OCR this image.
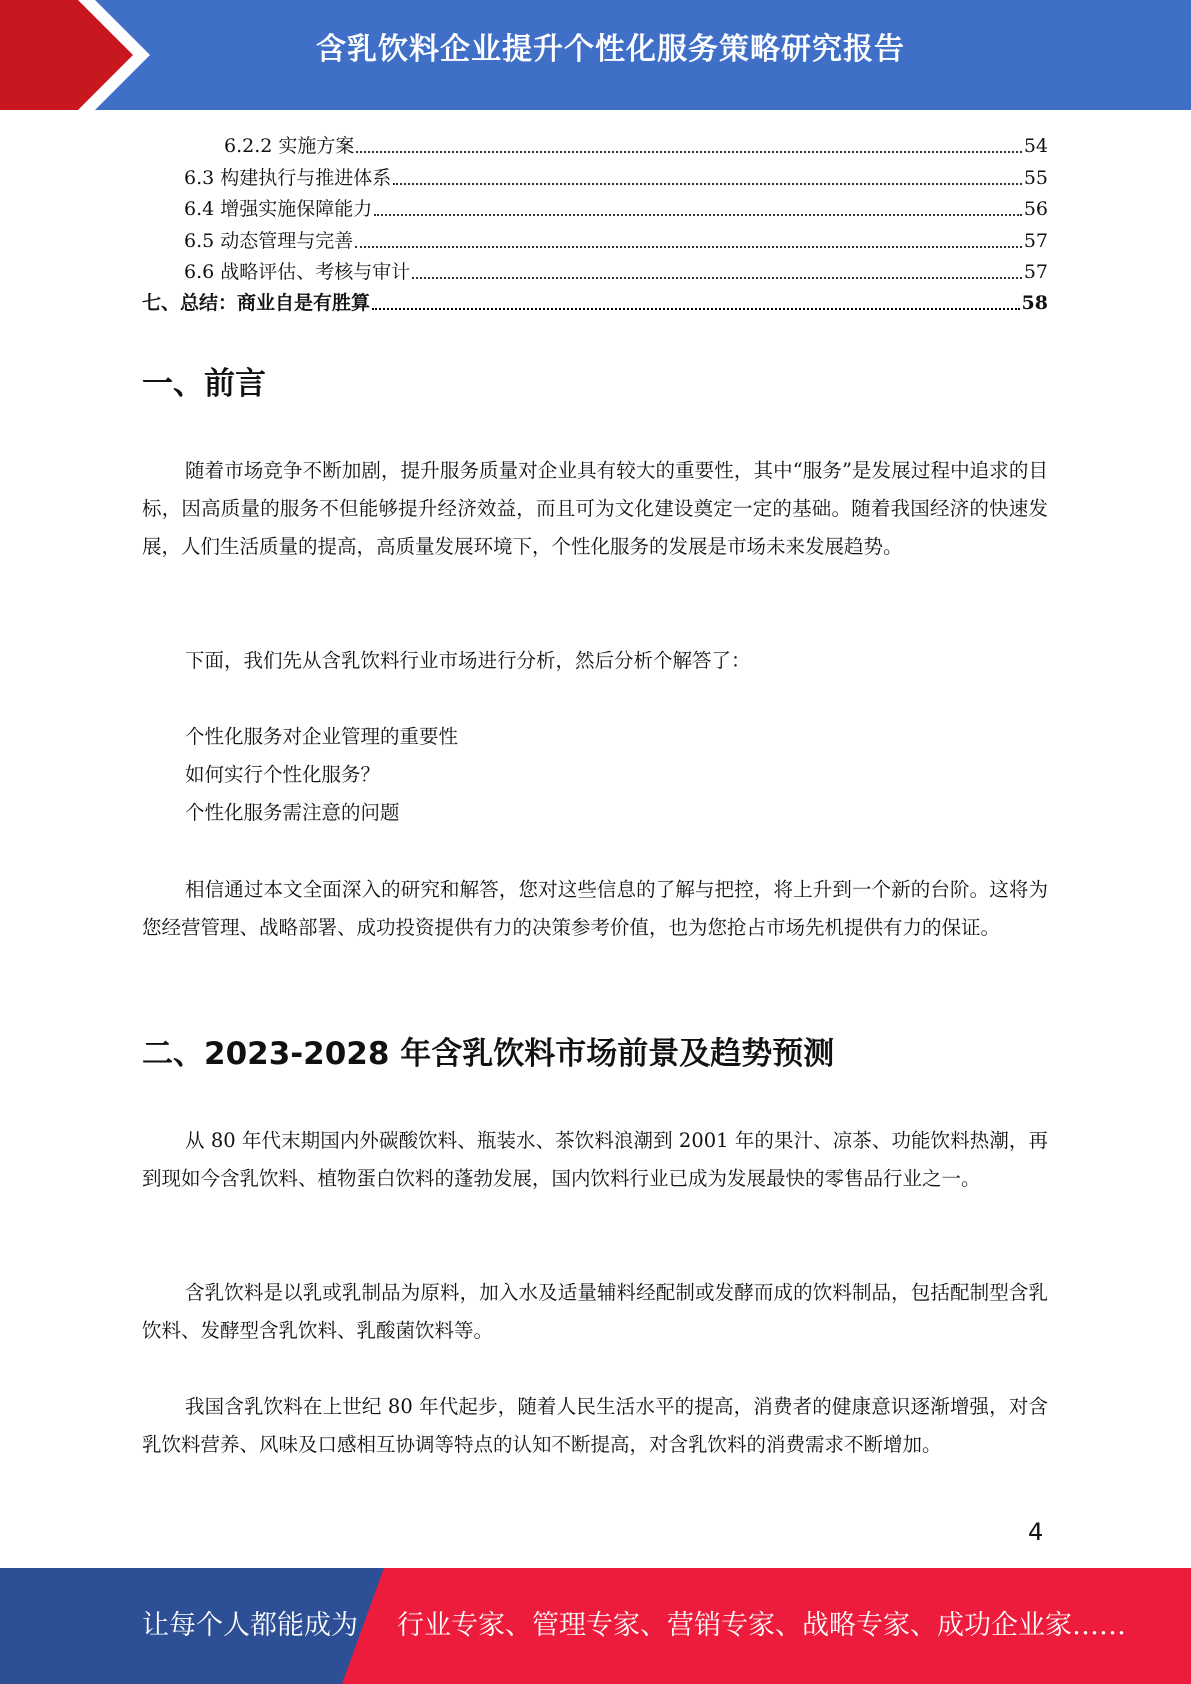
含乳饮料企业提升个性化服务策略研究报告
6.2.2 实施方案	54
6.3 构建执行与推进体系	55
6.4 增强实施保障能力	56
6.5 动态管理与完善	57
6.6 战略评估、考核与审计	57
七、总结：商业自是有胜算	58
一、前言

随着市场竞争不断加剧，提升服务质量对企业具有较大的重要性，其中“服务”是发展过程中追求的目标，因高质量的服务不但能够提升经济效益，而且可为文化建设奠定一定的基础。随着我国经济的快速发展，人们生活质量的提高，高质量发展环境下，个性化服务的发展是市场未来发展趋势。

下面，我们先从含乳饮料行业市场进行分析，然后分析个解答了：

个性化服务对企业管理的重要性

如何实行个性化服务？

个性化服务需注意的问题

相信通过本文全面深入的研究和解答，您对这些信息的了解与把控，将上升到一个新的台阶。这将为您经营管理、战略部署、成功投资提供有力的决策参考价值，也为您抢占市场先机提供有力的保证。

二、2023-2028 年含乳饮料市场前景及趋势预测

从 80 年代末期国内外碳酸饮料、瓶装水、茶饮料浪潮到 2001 年的果汁、凉茶、功能饮料热潮，再到现如今含乳饮料、植物蛋白饮料的蓬勃发展，国内饮料行业已成为发展最快的零售品行业之一。

含乳饮料是以乳或乳制品为原料，加入水及适量辅料经配制或发酵而成的饮料制品，包括配制型含乳饮料、发酵型含乳饮料、乳酸菌饮料等。

我国含乳饮料在上世纪 80 年代起步，随着人民生活水平的提高，消费者的健康意识逐渐增强，对含乳饮料营养、风味及口感相互协调等特点的认知不断提高，对含乳饮料的消费需求不断增加。

4
让每个人都能成为 行业专家、管理专家、营销专家、战略专家、成功企业家……
